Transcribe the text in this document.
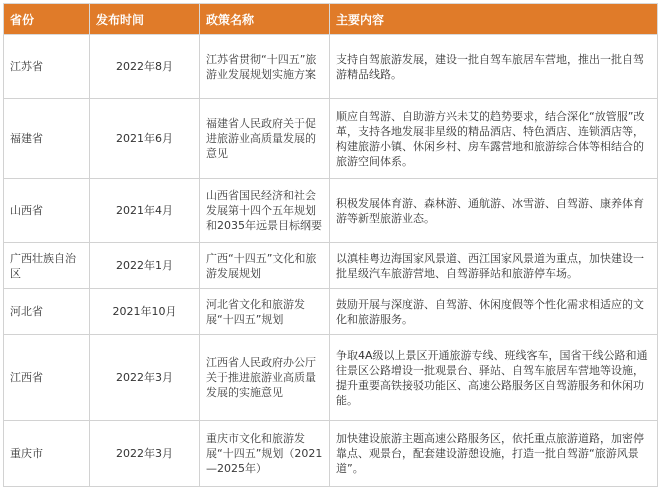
省份	发布时间	政策名称	主要内容
江苏省	2022年8月	江苏省贯彻“十四五”旅游业发展规划实施方案	支持自驾旅游发展，建设一批自驾车旅居车营地，推出一批自驾游精品线路。
福建省	2021年6月	福建省人民政府关于促进旅游业高质量发展的意见	顺应自驾游、自助游方兴未艾的趋势要求，结合深化“放管服”改革，支持各地发展非星级的精品酒店、特色酒店、连锁酒店等，构建旅游小镇、休闲乡村、房车露营地和旅游综合体等相结合的旅游空间体系。
山西省	2021年4月	山西省国民经济和社会发展第十四个五年规划和2035年远景目标纲要	积极发展体育游、森林游、通航游、冰雪游、自驾游、康养体育游等新型旅游业态。
广西壮族自治区	2022年1月	广西“十四五”文化和旅游发展规划	以滇桂粤边海国家风景道、西江国家风景道为重点，加快建设一批星级汽车旅游营地、自驾游驿站和旅游停车场。
河北省	2021年10月	河北省文化和旅游发展“十四五”规划	鼓励开展与深度游、自驾游、休闲度假等个性化需求相适应的文化和旅游服务。
江西省	2022年3月	江西省人民政府办公厅关于推进旅游业高质量发展的实施意见	争取4A级以上景区开通旅游专线、班线客车，国省干线公路和通往景区公路增设一批观景台、驿站、自驾车旅居车营地等设施，提升重要高铁接驳功能区、高速公路服务区自驾游服务和休闲功能。
重庆市	2022年3月	重庆市文化和旅游发展“十四五”规划（2021—2025年）	加快建设旅游主题高速公路服务区，依托重点旅游道路，加密停靠点、观景台，配套建设游憩设施，打造一批自驾游“旅游风景道”。
